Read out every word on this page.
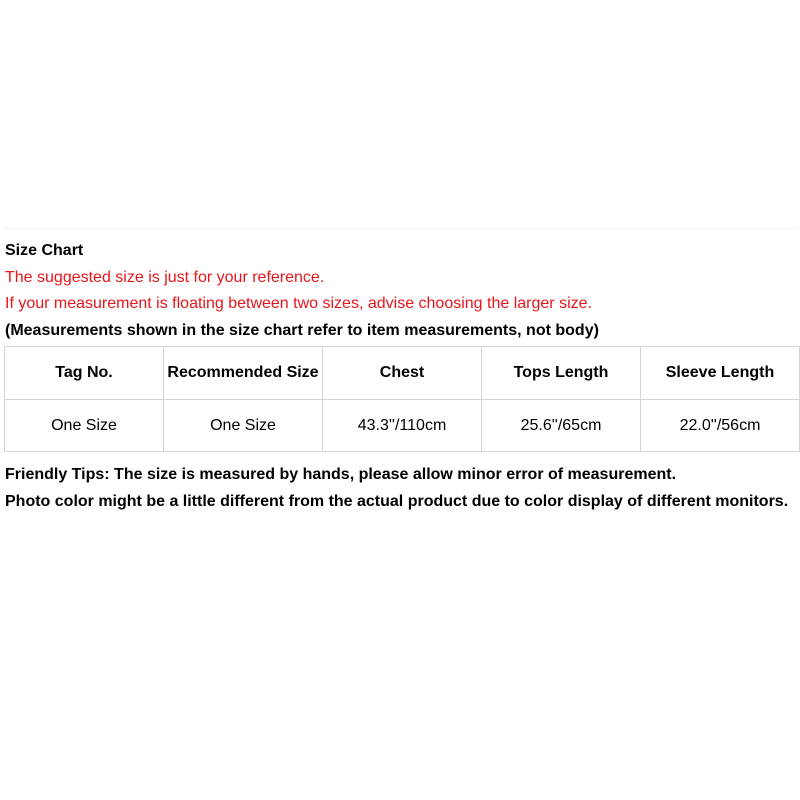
Size Chart
The suggested size is just for your reference.
If your measurement is floating between two sizes, advise choosing the larger size.
(Measurements shown in the size chart refer to item measurements, not body)
Tag No.	Recommended Size	Chest	Tops Length	Sleeve Length
One Size	One Size	43.3''/110cm	25.6''/65cm	22.0''/56cm
Friendly Tips: The size is measured by hands, please allow minor error of measurement.
Photo color might be a little different from the actual product due to color display of different monitors.
